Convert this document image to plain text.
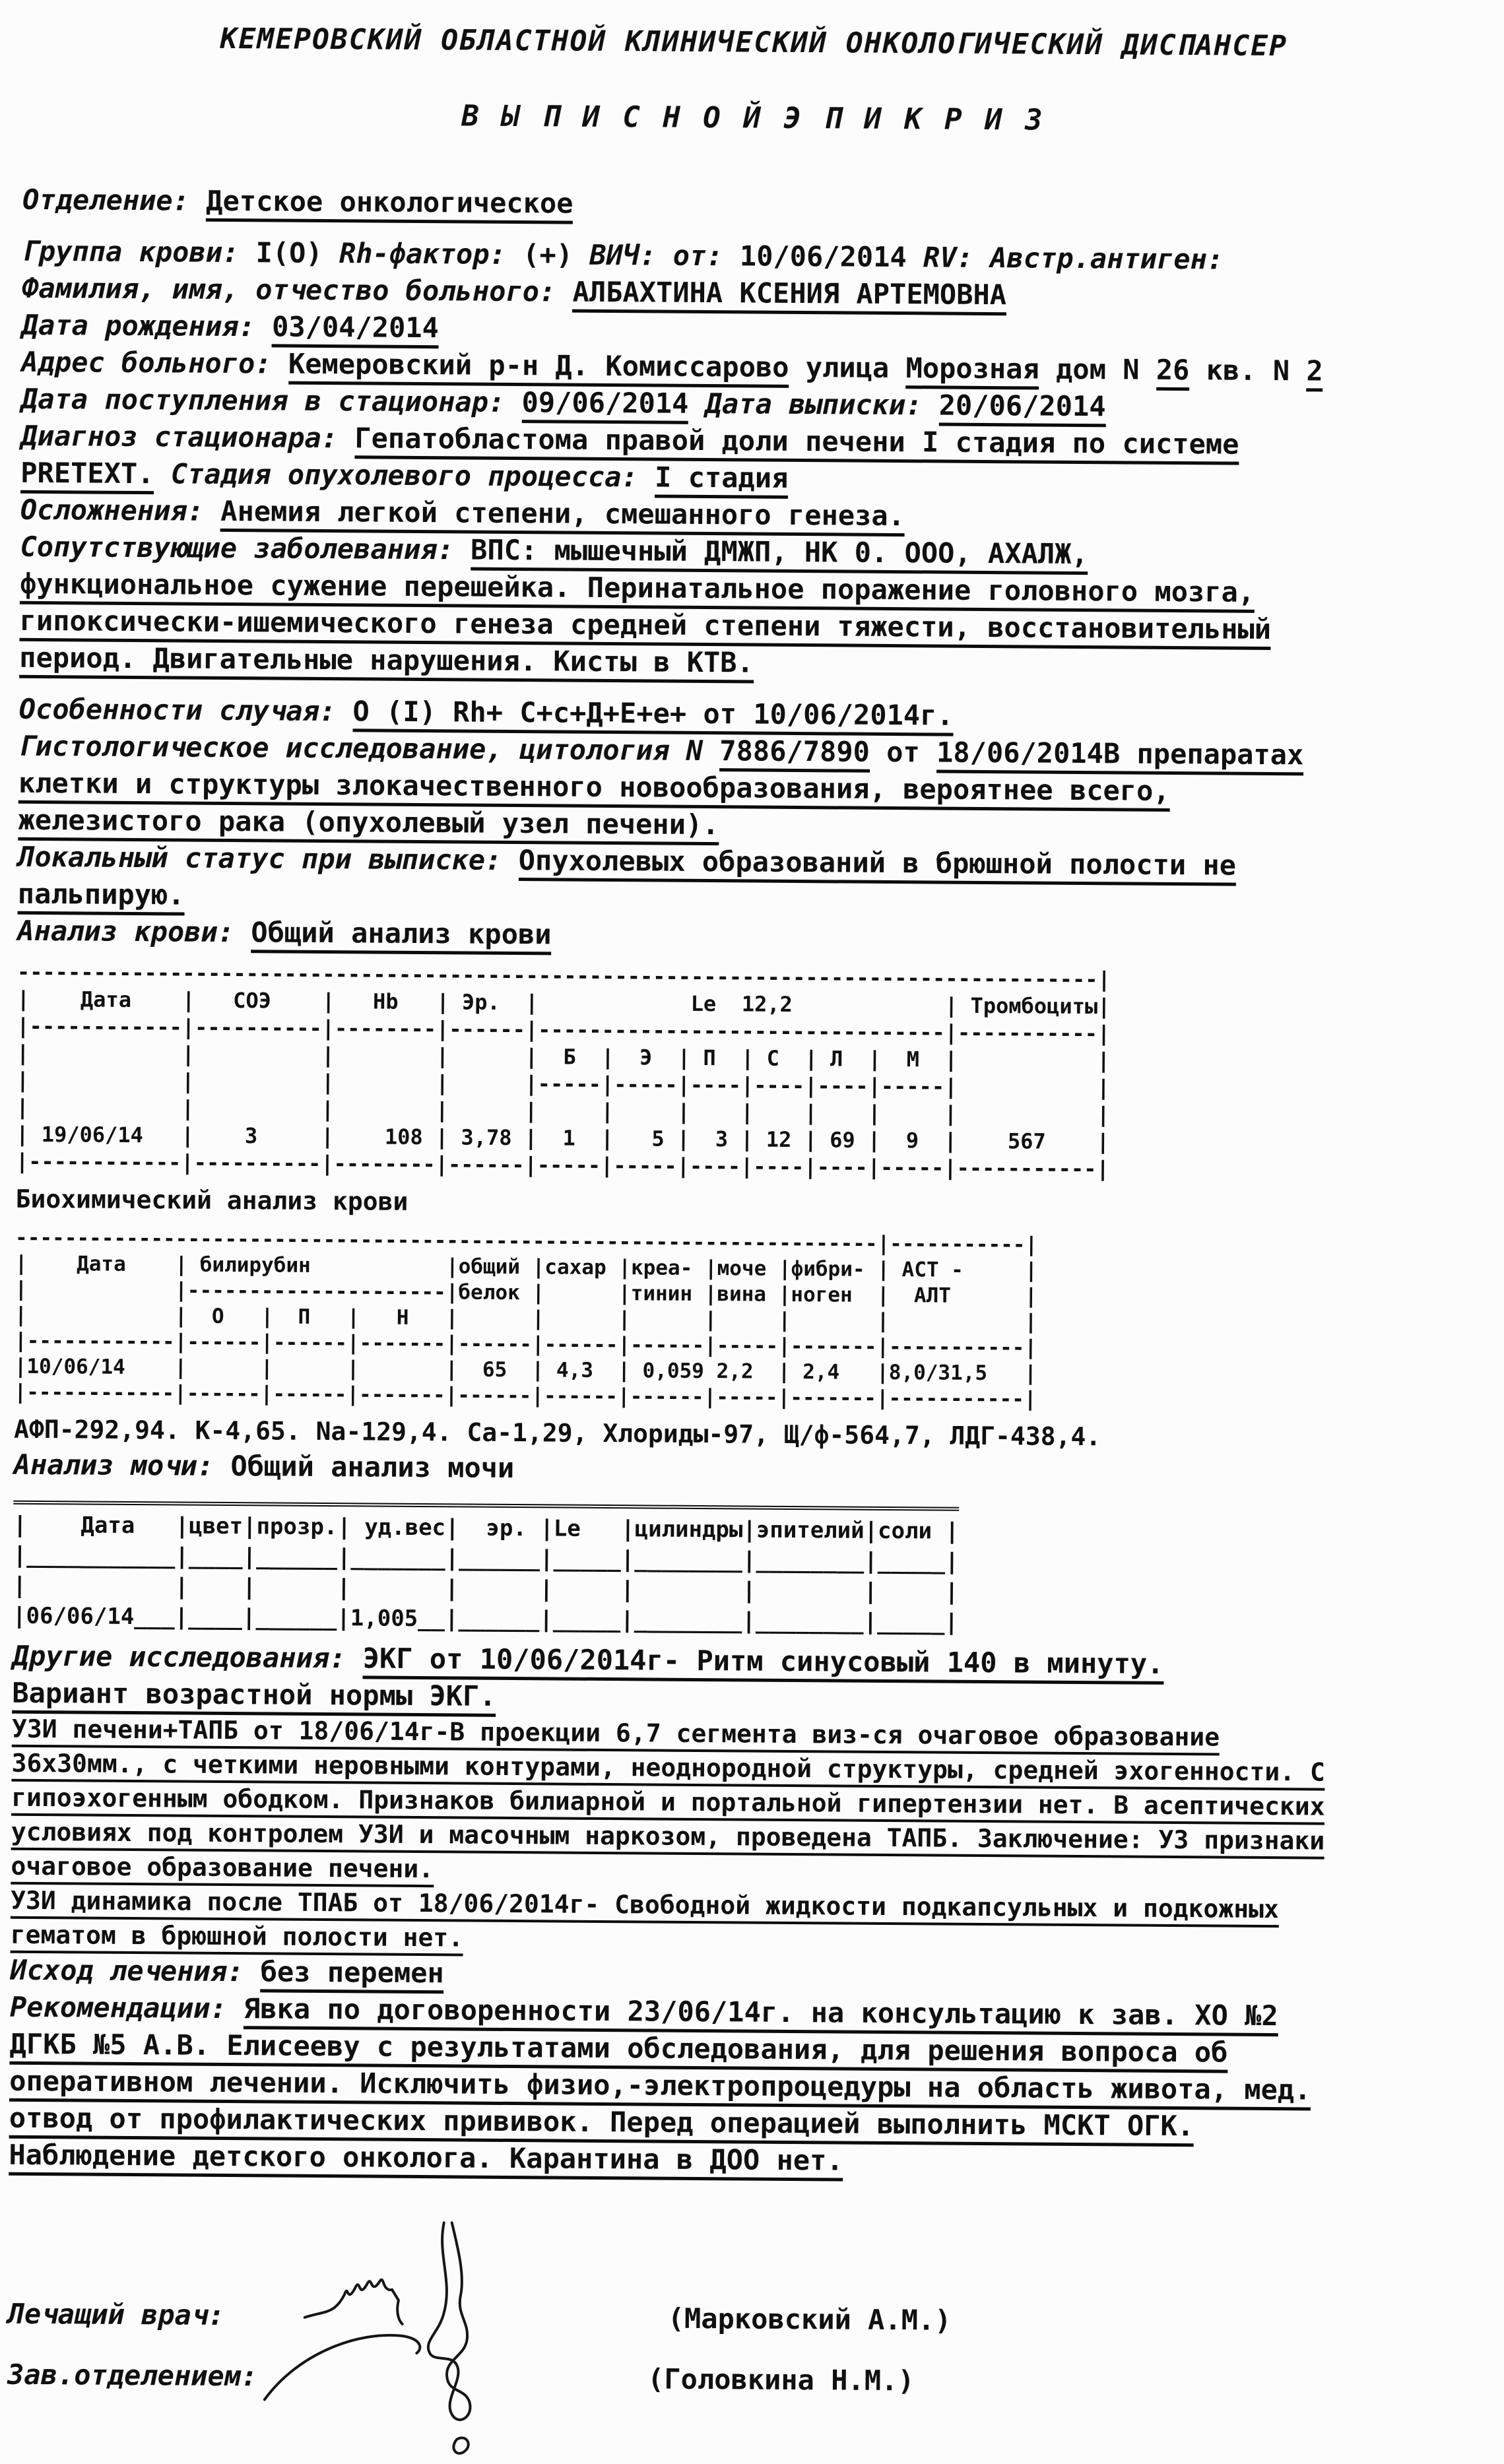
КЕМЕРОВСКИЙ ОБЛАСТНОЙ КЛИНИЧЕСКИЙ ОНКОЛОГИЧЕСКИЙ ДИСПАНСЕР
В Ы П И С Н О Й Э П И К Р И З
Отделение: Детское онкологическое
Группа крови: I(О) Rh-фактор: (+) ВИЧ: от: 10/06/2014 RV: Австр.антиген:
Фамилия, имя, отчество больного: АЛБАХТИНА КСЕНИЯ АРТЕМОВНА
Дата рождения: 03/04/2014
Адрес больного: Кемеровский р-н Д. Комиссарово улица Морозная дом N 26 кв. N 2
Дата поступления в стационар: 09/06/2014 Дата выписки: 20/06/2014
Диагноз стационара: Гепатобластома правой доли печени I стадия по системе
PRETEXT. Стадия опухолевого процесса: I стадия
Осложнения: Анемия легкой степени, смешанного генеза.
Сопутствующие заболевания: ВПС: мышечный ДМЖП, НК 0. ООО, АХАЛЖ,
функциональное сужение перешейка. Перинатальное поражение головного мозга,
гипоксически-ишемического генеза средней степени тяжести, восстановительный
период. Двигательные нарушения. Кисты в КТВ.
Особенности случая: О (I) Rh+ С+с+Д+Е+е+ от 10/06/2014г.
Гистологическое исследование, цитология N 7886/7890 от 18/06/2014В препаратах
клетки и структуры злокачественного новообразования, вероятнее всего,
железистого рака (опухолевый узел печени).
Локальный статус при выписке: Опухолевых образований в брюшной полости не
пальпирую.
Анализ крови: Общий анализ крови
-------------------------------------------------------------------------------------|
|    Дата    |   СОЭ    |   Hb   | Эр.  |            Le  12,2            | Тромбоциты|
|------------|----------|--------|------|--------------------------------|-----------|
|            |          |        |      |  Б  |  Э  | П  | С  | Л  |  М  |           |
|            |          |        |      |-----|-----|----|----|----|-----|           |
|            |          |        |      |     |     |    |    |    |     |           |
| 19/06/14   |    3     |    108 | 3,78 |  1  |   5 |  3 | 12 | 69 |  9  |    567    |
|------------|----------|--------|------|-----|-----|----|----|----|-----|-----------|
Биохимический анализ крови
----------------------------------------------------------------------|-----------|
|    Дата    | билирубин           |общий |сахар |креа- |моче |фибри- | АСТ -     |
|            |---------------------|белок |      |тинин |вина |ноген  |  АЛТ      |
|            |  О   |  П   |   Н   |      |      |      |     |       |           |
|------------|------|------|-------|------|------|------|-----|-------|-----------|
|10/06/14    |      |      |       |  65  | 4,3  | 0,059 2,2  | 2,4   |8,0/31,5   |
|------------|------|------|-------|------|------|------|-----|-------|-----------|
АФП-292,94. К-4,65. Na-129,4. Са-1,29, Хлориды-97, Щ/ф-564,7, ЛДГ-438,4.
Анализ мочи: Общий анализ мочи
|    Дата   |цвет|прозр.| уд.вес|  эр. |Le   |цилиндры|эпителий|соли |
|___________|____|______|_______|______|_____|________|________|_____|
|           |    |      |       |      |     |        |        |     |
|06/06/14___|____|______|1,005__|______|_____|________|________|_____|

Другие исследования: ЭКГ от 10/06/2014г- Ритм синусовый 140 в минуту.
Вариант возрастной нормы ЭКГ.
УЗИ печени+ТАПБ от 18/06/14г-В проекции 6,7 сегмента виз-ся очаговое образование
36х30мм., с четкими неровными контурами, неоднородной структуры, средней эхогенности. С
гипоэхогенным ободком. Признаков билиарной и портальной гипертензии нет. В асептических
условиях под контролем УЗИ и масочным наркозом, проведена ТАПБ. Заключение: УЗ признаки
очаговое образование печени.
УЗИ динамика после ТПАБ от 18/06/2014г- Свободной жидкости подкапсульных и подкожных
гематом в брюшной полости нет.
Исход лечения: без перемен
Рекомендации: Явка по договоренности 23/06/14г. на консультацию к зав. ХО №2
ДГКБ №5 А.В. Елисееву с результатами обследования, для решения вопроса об
оперативном лечении. Исключить физио,-электропроцедуры на область живота, мед.
отвод от профилактических прививок. Перед операцией выполнить МСКТ ОГК.
Наблюдение детского онколога. Карантина в ДОО нет.
Лечащий врач:	(Марковский А.М.)
Зав.отделением:	(Головкина Н.М.)
